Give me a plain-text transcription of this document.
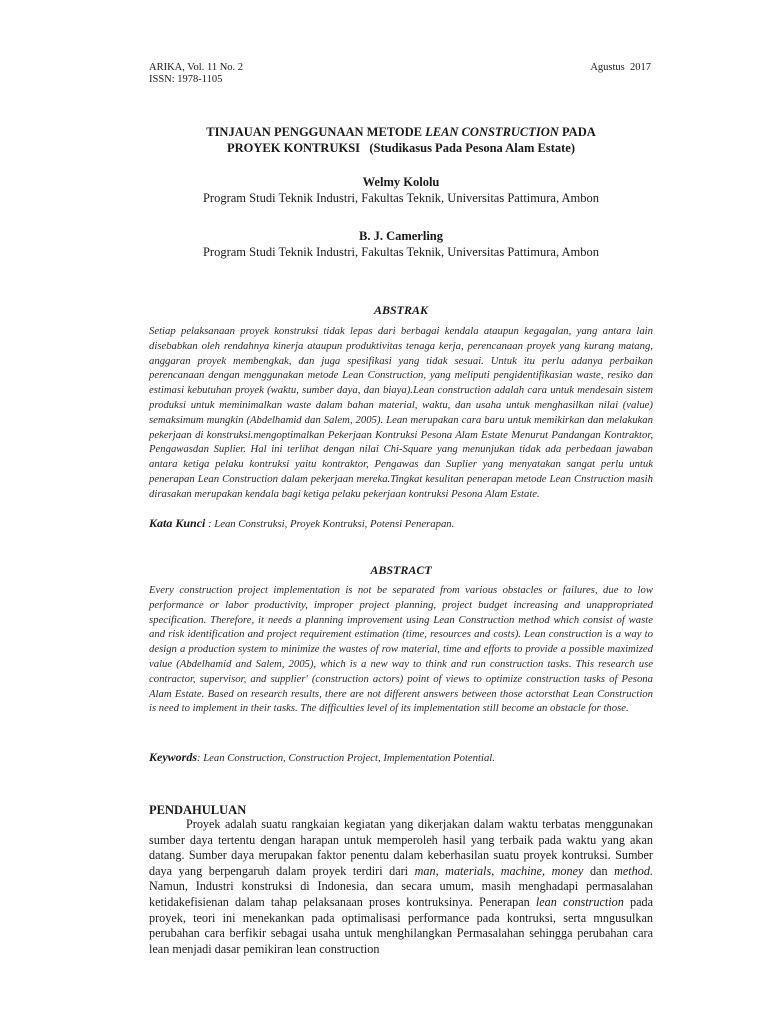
ARIKA, Vol. 11 No. 2
ISSN: 1978-1105
Agustus  2017
TINJAUAN PENGGUNAAN METODE LEAN CONSTRUCTION PADA
PROYEK KONTRUKSI   (Studikasus Pada Pesona Alam Estate)
Welmy Kololu
Program Studi Teknik Industri, Fakultas Teknik, Universitas Pattimura, Ambon
B. J. Camerling
Program Studi Teknik Industri, Fakultas Teknik, Universitas Pattimura, Ambon
ABSTRAK
Setiap pelaksanaan proyek konstruksi tidak lepas dari berbagai kendala ataupun kegagalan, yang antara lain disebabkan oleh rendahnya kinerja ataupun produktivitas tenaga kerja, perencanaan proyek yang kurang matang, anggaran proyek membengkak, dan juga spesifikasi yang tidak sesuai. Untuk itu perlu adanya perbaikan perencanaan dengan menggunakan metode Lean Construction, yang meliputi pengidentifikasian waste, resiko dan estimasi kebutuhan proyek (waktu, sumber daya, dan biaya).Lean construction adalah cara untuk mendesain sistem produksi untuk meminimalkan waste dalam bahan material, waktu, dan usaha untuk menghasilkan nilai (value) semaksimum mungkin (Abdelhamid dan Salem, 2005). Lean merupakan cara baru untuk memikirkan dan melakukan pekerjaan di konstruksi.mengoptimalkan Pekerjaan Kontruksi Pesona Alam Estate Menurut Pandangan Kontraktor, Pengawasdan Suplier. Hal ini terlihat dengan nilai Chi-Square yang menunjukan tidak ada perbedaan jawaban antara ketiga pelaku kontruksi yaitu kontraktor, Pengawas dan Suplier yang menyatakan sangat perlu untuk penerapan Lean Construction dalam pekerjaan mereka.Tingkat kesulitan penerapan metode Lean Cnstruction masih dirasakan merupakan kendala bagi ketiga pelaku pekerjaan kontruksi Pesona Alam Estate.
Kata Kunci : Lean Construksi, Proyek Kontruksi, Potensi Penerapan.
ABSTRACT
Every construction project implementation is not be separated from various obstacles or failures, due to low performance or labor productivity, improper project planning, project budget increasing and unappropriated specification. Therefore, it needs a planning improvement using Lean Construction method which consist of waste and risk identification and project requirement estimation (time, resources and costs). Lean construction is a way to design a production system to minimize the wastes of row material, time and efforts to provide a possible maximized value (Abdelhamid and Salem, 2005), which is a new way to think and run construction tasks. This research use contractor, supervisor, and supplier' (construction actors) point of views to optimize construction tasks of Pesona Alam Estate. Based on research results, there are not different answers between those actorsthat Lean Construction is need to implement in their tasks. The difficulties level of its implementation still become an obstacle for those.
Keywords: Lean Construction, Construction Project, Implementation Potential.
PENDAHULUAN
Proyek adalah suatu rangkaian kegiatan yang dikerjakan dalam waktu terbatas menggunakan sumber daya tertentu dengan harapan untuk memperoleh hasil yang terbaik pada waktu yang akan datang. Sumber daya merupakan faktor penentu dalam keberhasilan suatu proyek kontruksi. Sumber daya yang berpengaruh dalam proyek terdiri dari man, materials, machine, money dan method. Namun, Industri konstruksi di Indonesia, dan secara umum, masih menghadapi permasalahan ketidakefisienan dalam tahap pelaksanaan proses kontruksinya. Penerapan lean construction pada proyek, teori ini menekankan pada optimalisasi performance pada kontruksi, serta mngusulkan perubahan cara berfikir sebagai usaha untuk menghilangkan Permasalahan sehingga perubahan cara lean menjadi dasar pemikiran lean construction
